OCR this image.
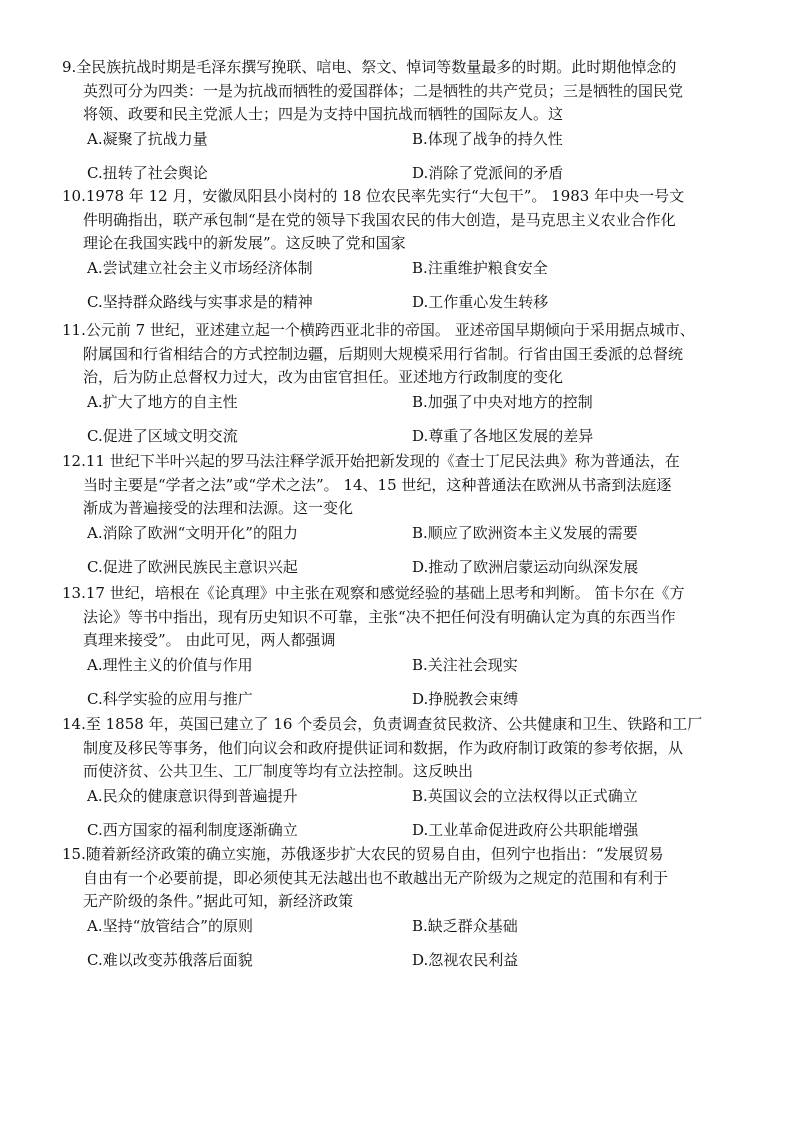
9.全民族抗战时期是毛泽东撰写挽联、唁电、祭文、悼词等数量最多的时期。此时期他悼念的
英烈可分为四类：一是为抗战而牺牲的爱国群体；二是牺牲的共产党员；三是牺牲的国民党
将领、政要和民主党派人士；四是为支持中国抗战而牺牲的国际友人。这
A.凝聚了抗战力量	B.体现了战争的持久性
C.扭转了社会舆论	D.消除了党派间的矛盾
10.1978 年 12 月，安徽凤阳县小岗村的 18 位农民率先实行“大包干”。 1983 年中央一号文
件明确指出，联产承包制“是在党的领导下我国农民的伟大创造，是马克思主义农业合作化
理论在我国实践中的新发展”。这反映了党和国家
A.尝试建立社会主义市场经济体制	B.注重维护粮食安全
C.坚持群众路线与实事求是的精神	D.工作重心发生转移
11.公元前 7 世纪，亚述建立起一个横跨西亚北非的帝国。 亚述帝国早期倾向于采用据点城市、
附属国和行省相结合的方式控制边疆，后期则大规模采用行省制。行省由国王委派的总督统
治，后为防止总督权力过大，改为由宦官担任。亚述地方行政制度的变化
A.扩大了地方的自主性	B.加强了中央对地方的控制
C.促进了区域文明交流	D.尊重了各地区发展的差异
12.11 世纪下半叶兴起的罗马法注释学派开始把新发现的《查士丁尼民法典》称为普通法，在
当时主要是“学者之法”或“学术之法”。 14、15 世纪，这种普通法在欧洲从书斋到法庭逐
渐成为普遍接受的法理和法源。这一变化
A.消除了欧洲“文明开化”的阻力	B.顺应了欧洲资本主义发展的需要
C.促进了欧洲民族民主意识兴起	D.推动了欧洲启蒙运动向纵深发展
13.17 世纪，培根在《论真理》中主张在观察和感觉经验的基础上思考和判断。 笛卡尔在《方
法论》等书中指出，现有历史知识不可靠，主张“决不把任何没有明确认定为真的东西当作
真理来接受”。 由此可见，两人都强调
A.理性主义的价值与作用	B.关注社会现实
C.科学实验的应用与推广	D.挣脱教会束缚
14.至 1858 年，英国已建立了 16 个委员会，负责调查贫民救济、公共健康和卫生、铁路和工厂
制度及移民等事务，他们向议会和政府提供证词和数据，作为政府制订政策的参考依据，从
而使济贫、公共卫生、工厂制度等均有立法控制。这反映出
A.民众的健康意识得到普遍提升	B.英国议会的立法权得以正式确立
C.西方国家的福利制度逐渐确立	D.工业革命促进政府公共职能增强
15.随着新经济政策的确立实施，苏俄逐步扩大农民的贸易自由，但列宁也指出：“发展贸易
自由有一个必要前提，即必须使其无法越出也不敢越出无产阶级为之规定的范围和有利于
无产阶级的条件。”据此可知，新经济政策
A.坚持“放管结合”的原则	B.缺乏群众基础
C.难以改变苏俄落后面貌	D.忽视农民利益
